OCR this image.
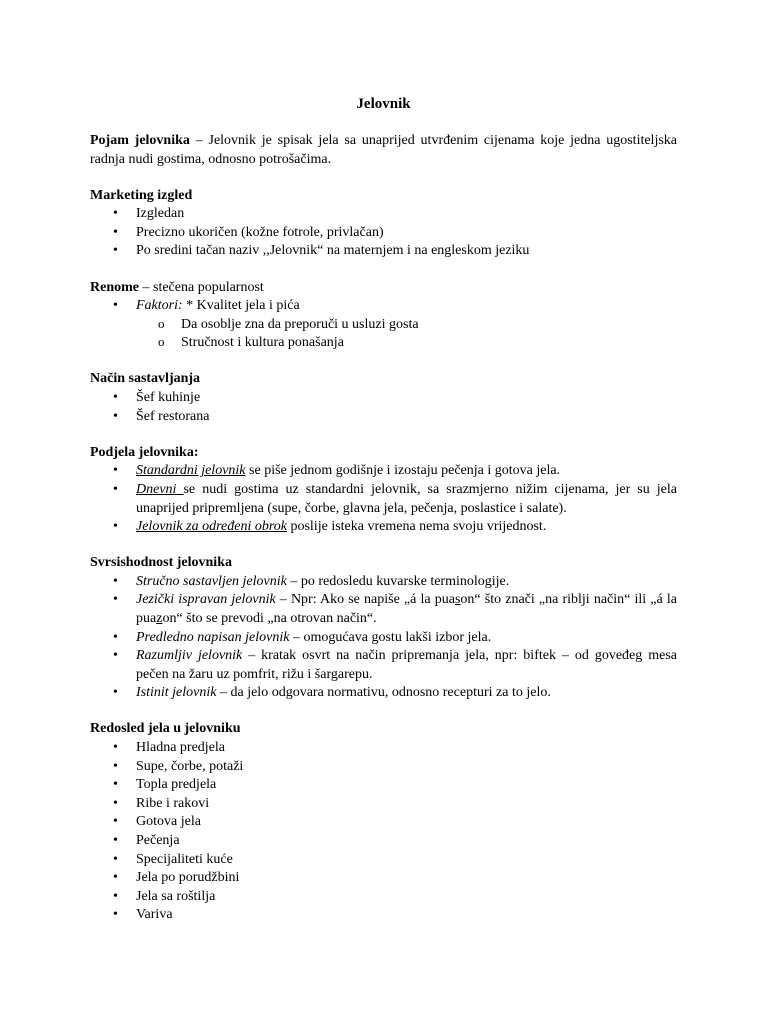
Jelovnik

Pojam jelovnika – Jelovnik je spisak jela sa unaprijed utvrđenim cijenama koje jedna ugostiteljska radnja nudi gostima, odnosno potrošačima.

Marketing izgled
• Izgledan
• Precizno ukoričen (kožne fotrole, privlačan)
• Po sredini tačan naziv ,,Jelovnik“ na maternjem i na engleskom jeziku
Renome – stečena popularnost
• Faktori: * Kvalitet jela i pića
o Da osoblje zna da preporuči u usluzi gosta
o Stručnost i kultura ponašanja
Način sastavljanja
• Šef kuhinje
• Šef restorana
Podjela jelovnika:
• Standardni jelovnik se piše jednom godišnje i izostaju pečenja i gotova jela.
• Dnevni se nudi gostima uz standardni jelovnik, sa srazmjerno nižim cijenama, jer su jela unaprijed pripremljena (supe, čorbe, glavna jela, pečenja, poslastice i salate).
• Jelovnik za određeni obrok poslije isteka vremena nema svoju vrijednost.
Svrsishodnost jelovnika
• Stručno sastavljen jelovnik – po redosledu kuvarske terminologije.
• Jezički ispravan jelovnik – Npr: Ako se napiše „á la puason“ što znači „na riblji način“ ili „á la puazon“ što se prevodi „na otrovan način“.
• Predledno napisan jelovnik – omogućava gostu lakši izbor jela.
• Razumljiv jelovnik – kratak osvrt na način pripremanja jela, npr: biftek – od goveđeg mesa pečen na žaru uz pomfrit, rižu i šargarepu.
• Istinit jelovnik – da jelo odgovara normativu, odnosno recepturi za to jelo.
Redosled jela u jelovniku
• Hladna predjela
• Supe, čorbe, potaži
• Topla predjela
• Ribe i rakovi
• Gotova jela
• Pečenja
• Specijaliteti kuće
• Jela po porudžbini
• Jela sa roštilja
• Variva
